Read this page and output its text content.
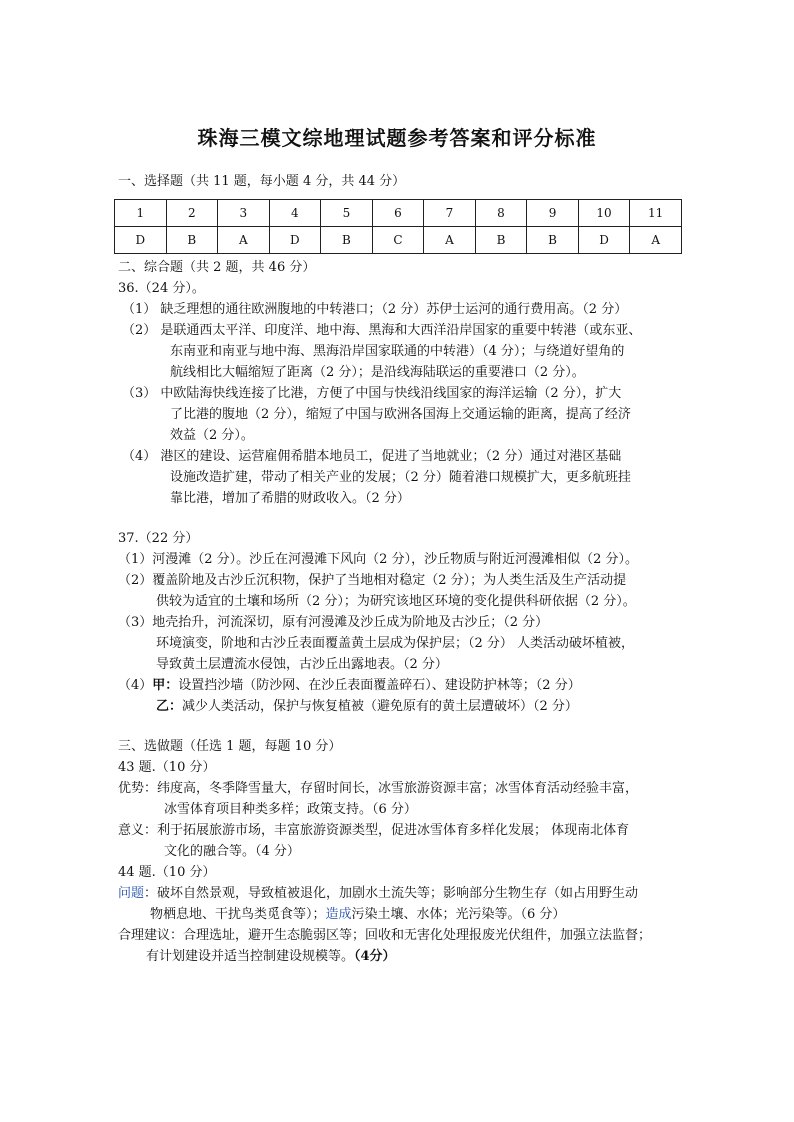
珠海三模文综地理试题参考答案和评分标准
一、选择题（共 11 题，每小题 4 分，共 44 分）
1	2	3	4	5	6	7	8	9	10	11
D	B	A	D	B	C	A	B	B	D	A
二、综合题（共 2 题，共 46 分）
36.（24 分）。
（1） 缺乏理想的通往欧洲腹地的中转港口；（2 分）苏伊士运河的通行费用高。（2 分）
（2） 是联通西太平洋、印度洋、地中海、黑海和大西洋沿岸国家的重要中转港（或东亚、
东南亚和南亚与地中海、黑海沿岸国家联通的中转港）（4 分）；与绕道好望角的
航线相比大幅缩短了距离（2 分）；是沿线海陆联运的重要港口（2 分）。
（3） 中欧陆海快线连接了比港，方便了中国与快线沿线国家的海洋运输（2 分），扩大
了比港的腹地（2 分），缩短了中国与欧洲各国海上交通运输的距离，提高了经济
效益（2 分）。
（4） 港区的建设、运营雇佣希腊本地员工，促进了当地就业；（2 分）通过对港区基础
设施改造扩建，带动了相关产业的发展；（2 分）随着港口规模扩大，更多航班挂
靠比港，增加了希腊的财政收入。（2 分）
37.（22 分）
（1）河漫滩（2 分）。沙丘在河漫滩下风向（2 分），沙丘物质与附近河漫滩相似（2 分）。
（2）覆盖阶地及古沙丘沉积物，保护了当地相对稳定（2 分）；为人类生活及生产活动提
供较为适宜的土壤和场所（2 分）；为研究该地区环境的变化提供科研依据（2 分）。
（3）地壳抬升，河流深切，原有河漫滩及沙丘成为阶地及古沙丘；（2 分）
环境演变，阶地和古沙丘表面覆盖黄土层成为保护层；（2 分） 人类活动破坏植被，
导致黄土层遭流水侵蚀，古沙丘出露地表。（2 分）
（4）甲：设置挡沙墙（防沙网、在沙丘表面覆盖碎石）、建设防护林等；（2 分）
乙：减少人类活动，保护与恢复植被（避免原有的黄土层遭破坏）（2 分）
三、选做题（任选 1 题，每题 10 分）
43 题.（10 分）
优势：纬度高，冬季降雪量大，存留时间长，冰雪旅游资源丰富；冰雪体育活动经验丰富，
冰雪体育项目种类多样；政策支持。（6 分）
意义：利于拓展旅游市场，丰富旅游资源类型，促进冰雪体育多样化发展； 体现南北体育
文化的融合等。（4 分）
44 题.（10 分）
问题：破坏自然景观，导致植被退化，加剧水土流失等；影响部分生物生存（如占用野生动
物栖息地、干扰鸟类觅食等）；造成污染土壤、水体；光污染等。（6 分）
合理建议：合理选址，避开生态脆弱区等；回收和无害化处理报废光伏组件，加强立法监督；
有计划建设并适当控制建设规模等。（4分）
